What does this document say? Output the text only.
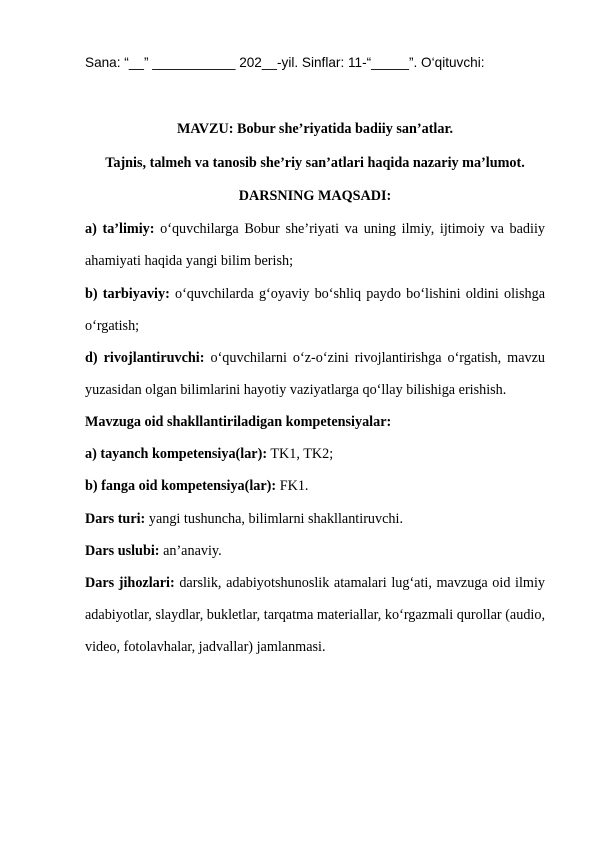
Sana: “__” ___________ 202__-yil. Sinflar: 11-“_____”. O‘qituvchi:
MAVZU: Bobur she’riyatida badiiy san’atlar.
Tajnis, talmeh va tanosib she’riy san’atlari haqida nazariy ma’lumot.
DARSNING MAQSADI:
a) ta’limiy: o‘quvchilarga Bobur she’riyati va uning ilmiy, ijtimoiy va badiiy
ahamiyati haqida yangi bilim berish;
b) tarbiyaviy: o‘quvchilarda g‘oyaviy bo‘shliq paydo bo‘lishini oldini olishga
o‘rgatish;
d) rivojlantiruvchi: o‘quvchilarni o‘z-o‘zini rivojlantirishga o‘rgatish, mavzu
yuzasidan olgan bilimlarini hayotiy vaziyatlarga qo‘llay bilishiga erishish.
Mavzuga oid shakllantiriladigan kompetensiyalar:
a) tayanch kompetensiya(lar): TK1, TK2;
b) fanga oid kompetensiya(lar): FK1.
Dars turi: yangi tushuncha, bilimlarni shakllantiruvchi.
Dars uslubi: an’anaviy.
Dars jihozlari: darslik, adabiyotshunoslik atamalari lug‘ati, mavzuga oid ilmiy
adabiyotlar, slaydlar, bukletlar, tarqatma materiallar, ko‘rgazmali qurollar (audio,
video, fotolavhalar, jadvallar) jamlanmasi.
